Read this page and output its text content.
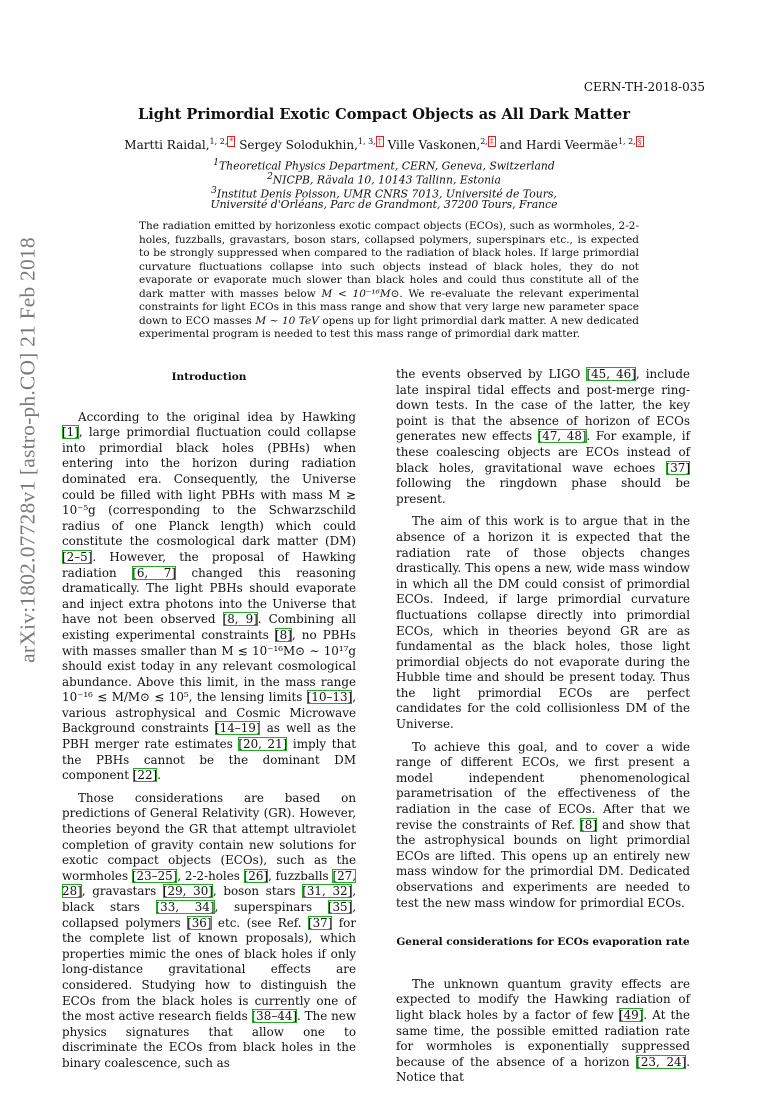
arXiv:1802.07728v1 [astro-ph.CO] 21 Feb 2018
CERN-TH-2018-035
Light Primordial Exotic Compact Objects as All Dark Matter
Martti Raidal,$^{1, 2,}$ * Sergey Solodukhin,$^{1, 3,}$ † Ville Vaskonen,$^{2,}$ ‡ and Hardi Veermäe$^{1, 2,}$ §
$^1$Theoretical Physics Department, CERN, Geneva, Switzerland
$^2$NICPB, Rävala 10, 10143 Tallinn, Estonia
$^3$Institut Denis Poisson, UMR CNRS 7013, Université de Tours,
Université d'Orléans, Parc de Grandmont, 37200 Tours, France
The radiation emitted by horizonless exotic compact objects (ECOs), such as wormholes, 2-2-holes, fuzzballs, gravastars, boson stars, collapsed polymers, superspinars etc., is expected to be strongly suppressed when compared to the radiation of black holes. If large primordial curvature fluctuations collapse into such objects instead of black holes, they do not evaporate or evaporate much slower than black holes and could thus constitute all of the dark matter with masses below M < 10⁻¹⁶M⊙. We re-evaluate the relevant experimental constraints for light ECOs in this mass range and show that very large new parameter space down to ECO masses M ∼ 10 TeV opens up for light primordial dark matter. A new dedicated experimental program is needed to test this mass range of primordial dark matter.

Introduction

According to the original idea by Hawking [1], large primordial fluctuation could collapse into primordial black holes (PBHs) when entering into the horizon during radiation dominated era. Consequently, the Universe could be filled with light PBHs with mass M ≳ 10⁻⁵g (corresponding to the Schwarzschild radius of one Planck length) which could constitute the cosmological dark matter (DM) [2–5]. However, the proposal of Hawking radiation [6, 7] changed this reasoning dramatically. The light PBHs should evaporate and inject extra photons into the Universe that have not been observed [8, 9]. Combining all existing experimental constraints [8], no PBHs with masses smaller than M ≲ 10⁻¹⁶M⊙ ∼ 10¹⁷g should exist today in any relevant cosmological abundance. Above this limit, in the mass range 10⁻¹⁶ ≲ M/M⊙ ≲ 10⁵, the lensing limits [10–13], various astrophysical and Cosmic Microwave Background constraints [14–19] as well as the PBH merger rate estimates [20, 21] imply that the PBHs cannot be the dominant DM component [22].

Those considerations are based on predictions of General Relativity (GR). However, theories beyond the GR that attempt ultraviolet completion of gravity contain new solutions for exotic compact objects (ECOs), such as the wormholes [23–25], 2-2-holes [26], fuzzballs [27, 28], gravastars [29, 30], boson stars [31, 32], black stars [33, 34], superspinars [35], collapsed polymers [36] etc. (see Ref. [37] for the complete list of known proposals), which properties mimic the ones of black holes if only long-distance gravitational effects are considered. Studying how to distinguish the ECOs from the black holes is currently one of the most active research fields [38–44]. The new physics signatures that allow one to discriminate the ECOs from black holes in the binary coalescence, such as

the events observed by LIGO [45, 46], include late inspiral tidal effects and post-merge ring-down tests. In the case of the latter, the key point is that the absence of horizon of ECOs generates new effects [47, 48]. For example, if these coalescing objects are ECOs instead of black holes, gravitational wave echoes [37] following the ringdown phase should be present.

The aim of this work is to argue that in the absence of a horizon it is expected that the radiation rate of those objects changes drastically. This opens a new, wide mass window in which all the DM could consist of primordial ECOs. Indeed, if large primordial curvature fluctuations collapse directly into primordial ECOs, which in theories beyond GR are as fundamental as the black holes, those light primordial objects do not evaporate during the Hubble time and should be present today. Thus the light primordial ECOs are perfect candidates for the cold collisionless DM of the Universe.

To achieve this goal, and to cover a wide range of different ECOs, we first present a model independent phenomenological parametrisation of the effectiveness of the radiation in the case of ECOs. After that we revise the constraints of Ref. [8] and show that the astrophysical bounds on light primordial ECOs are lifted. This opens up an entirely new mass window for the primordial DM. Dedicated observations and experiments are needed to test the new mass window for primordial ECOs.

General considerations for ECOs evaporation rate

The unknown quantum gravity effects are expected to modify the Hawking radiation of light black holes by a factor of few [49]. At the same time, the possible emitted radiation rate for wormholes is exponentially suppressed because of the absence of a horizon [23, 24]. Notice that
